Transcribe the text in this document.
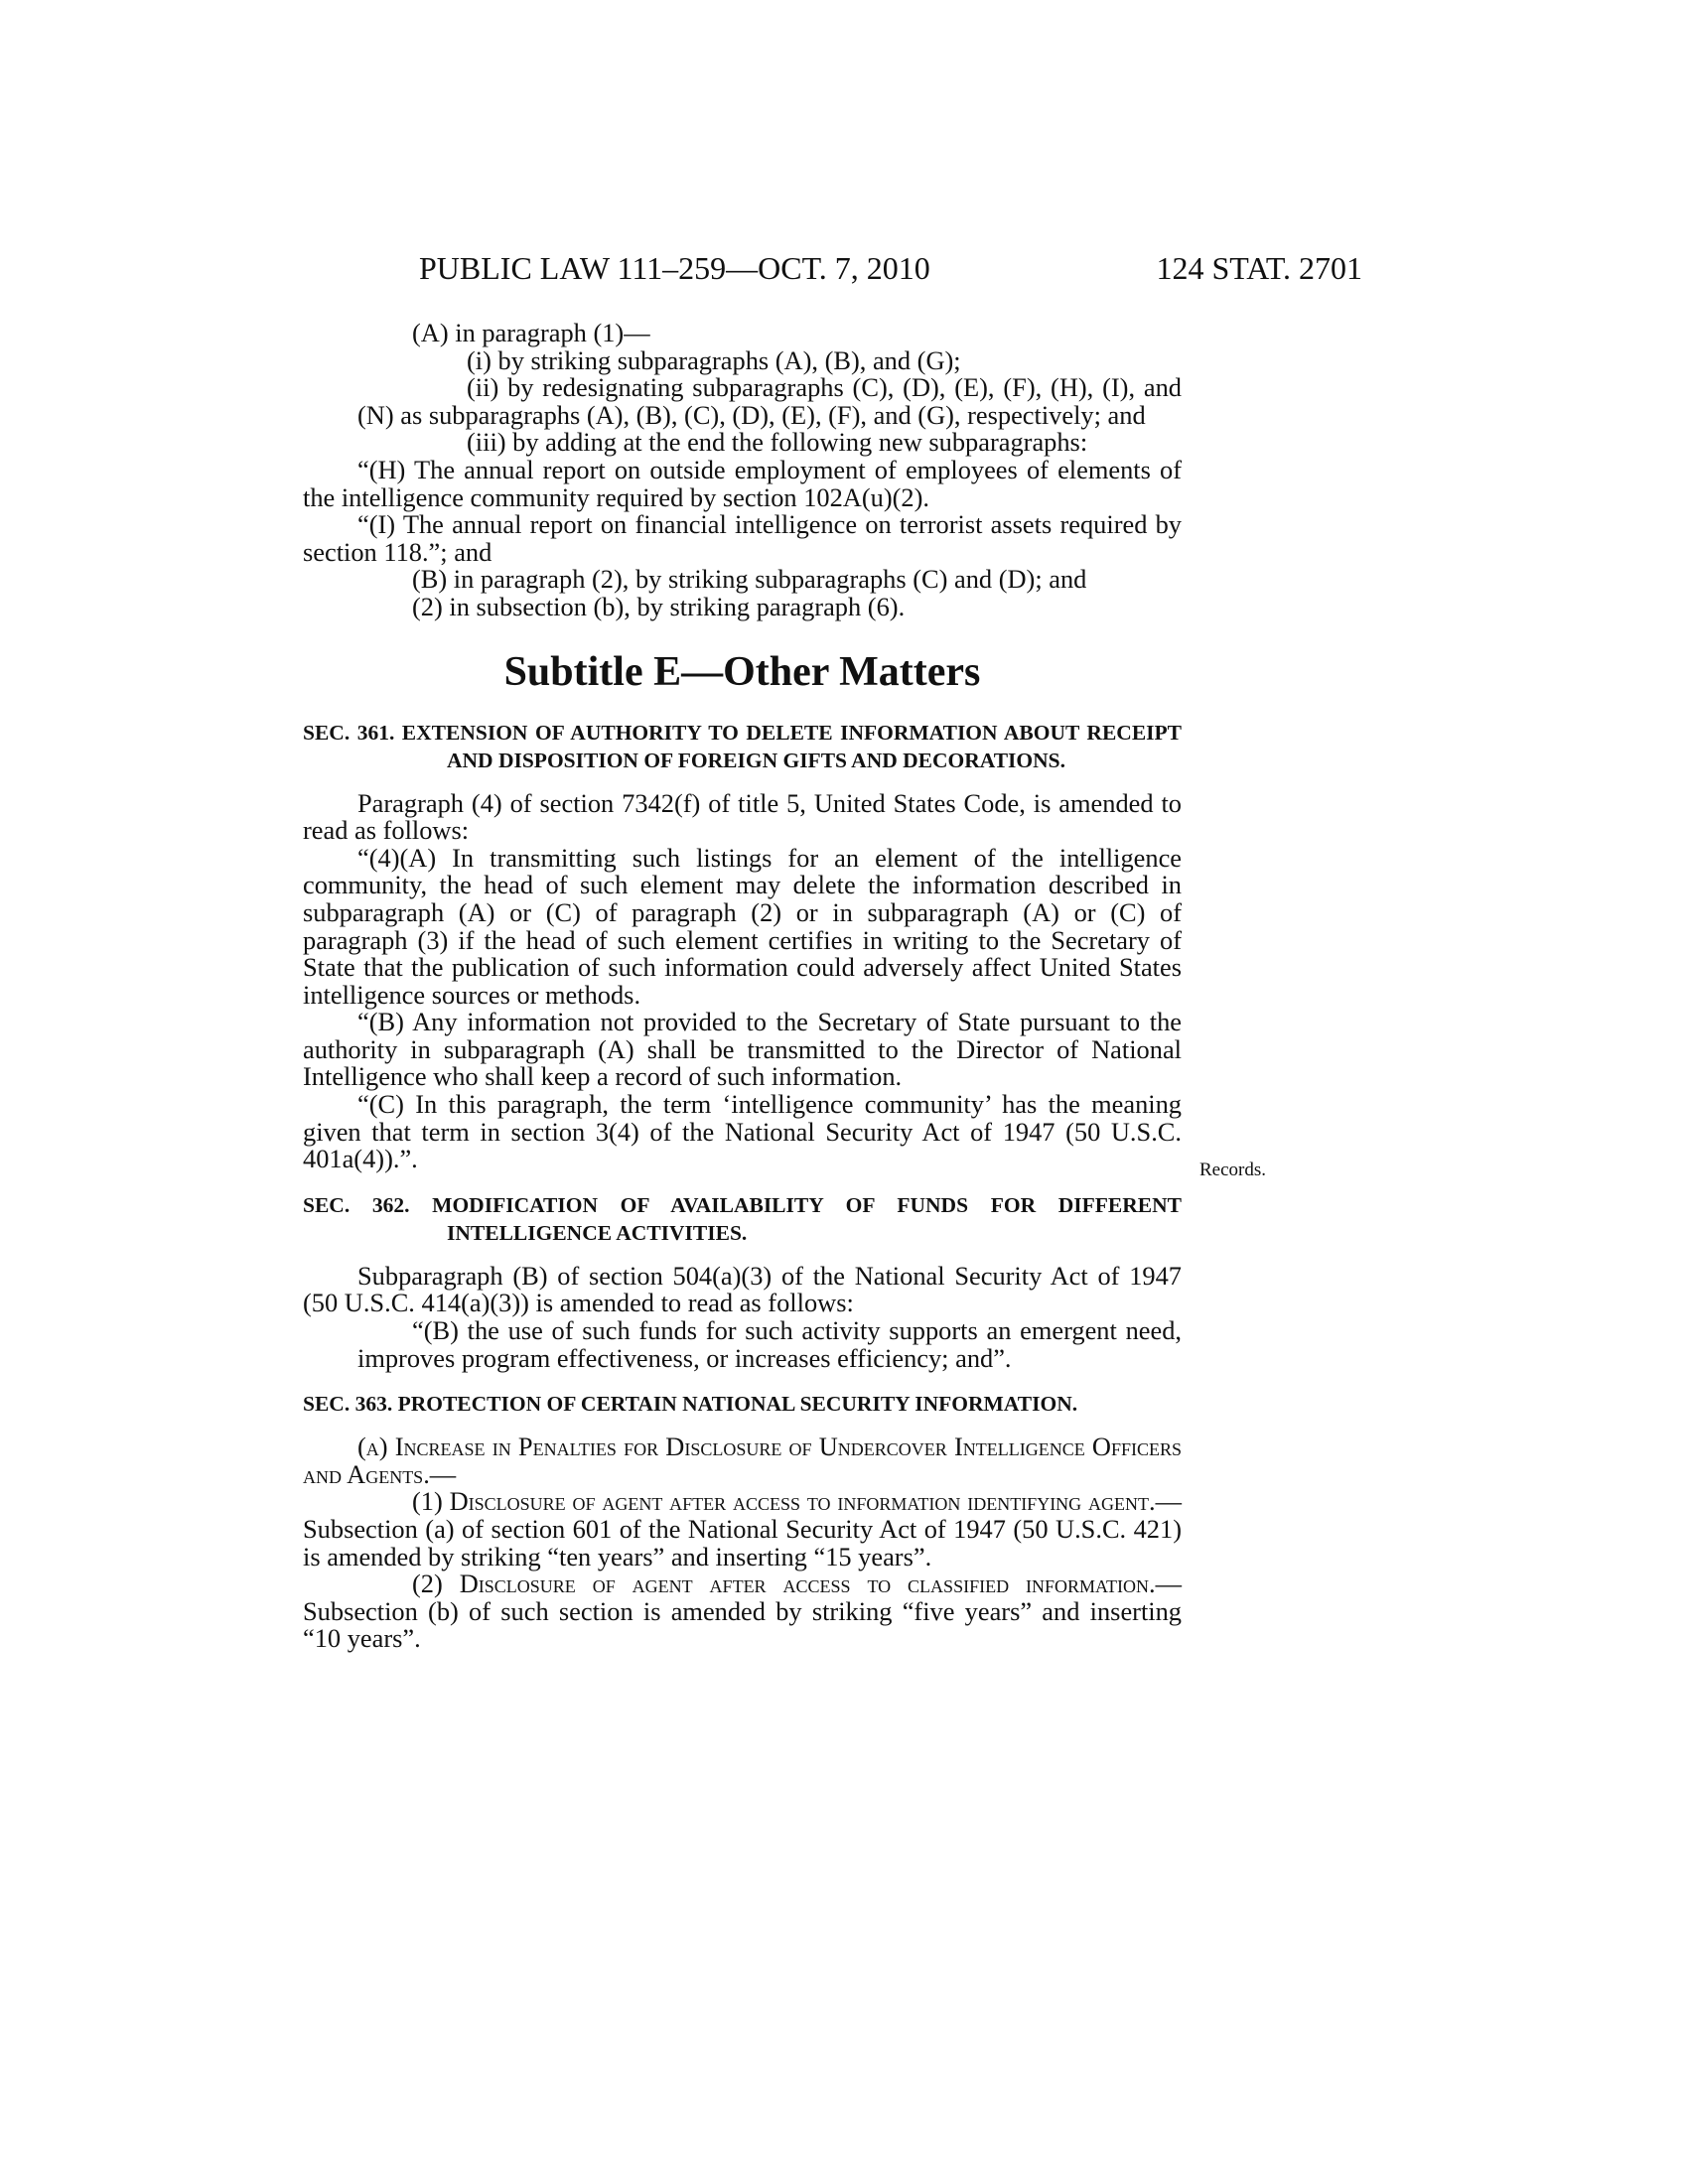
PUBLIC LAW 111–259—OCT. 7, 2010	124 STAT. 2701

(A) in paragraph (1)—

(i) by striking subparagraphs (A), (B), and (G);

(ii) by redesignating subparagraphs (C), (D), (E), (F), (H), (I), and (N) as subparagraphs (A), (B), (C), (D), (E), (F), and (G), respectively; and

(iii) by adding at the end the following new subparagraphs:

“(H) The annual report on outside employment of employees of elements of the intelligence community required by section 102A(u)(2).

“(I) The annual report on financial intelligence on terrorist assets required by section 118.”; and

(B) in paragraph (2), by striking subparagraphs (C) and (D); and

(2) in subsection (b), by striking paragraph (6).

Subtitle E—Other Matters

SEC. 361. EXTENSION OF AUTHORITY TO DELETE INFORMATION ABOUT RECEIPT AND DISPOSITION OF FOREIGN GIFTS AND DECORATIONS.

Paragraph (4) of section 7342(f) of title 5, United States Code, is amended to read as follows:

“(4)(A) In transmitting such listings for an element of the intelligence community, the head of such element may delete the information described in subparagraph (A) or (C) of paragraph (2) or in subparagraph (A) or (C) of paragraph (3) if the head of such element certifies in writing to the Secretary of State that the publication of such information could adversely affect United States intelligence sources or methods.

“(B) Any information not provided to the Secretary of State pursuant to the authority in subparagraph (A) shall be transmitted to the Director of National Intelligence who shall keep a record of such information.

“(C) In this paragraph, the term ‘intelligence community’ has the meaning given that term in section 3(4) of the National Security Act of 1947 (50 U.S.C. 401a(4)).”.

SEC. 362. MODIFICATION OF AVAILABILITY OF FUNDS FOR DIFFERENT INTELLIGENCE ACTIVITIES.

Subparagraph (B) of section 504(a)(3) of the National Security Act of 1947 (50 U.S.C. 414(a)(3)) is amended to read as follows:

“(B) the use of such funds for such activity supports an emergent need, improves program effectiveness, or increases efficiency; and”.

SEC. 363. PROTECTION OF CERTAIN NATIONAL SECURITY INFORMATION.

(a) Increase in Penalties for Disclosure of Undercover Intelligence Officers and Agents.—

(1) Disclosure of agent after access to information identifying agent.—Subsection (a) of section 601 of the National Security Act of 1947 (50 U.S.C. 421) is amended by striking “ten years” and inserting “15 years”.

(2) Disclosure of agent after access to classified information.—Subsection (b) of such section is amended by striking “five years” and inserting “10 years”.

Records.
